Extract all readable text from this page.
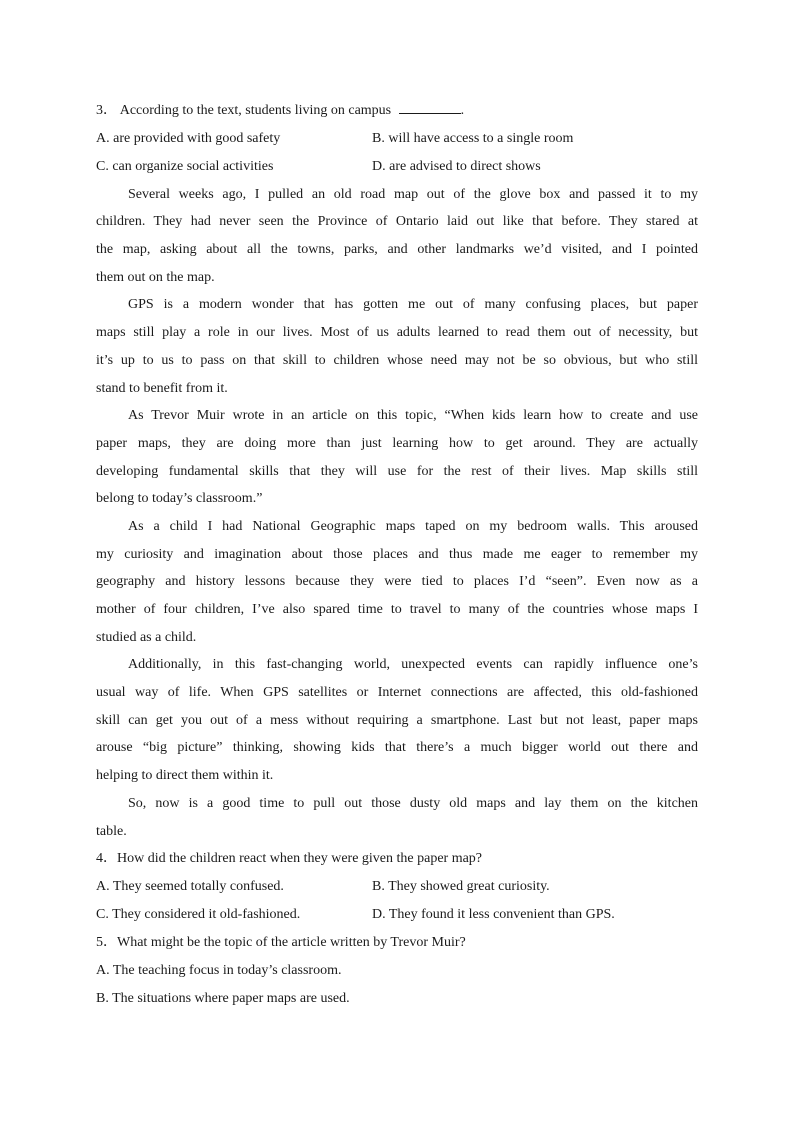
3． According to the text, students living on campus	.
A. are provided with good safety	B. will have access to a single room
C. can organize social activities	D. are advised to direct shows
Several weeks ago, I pulled an old road map out of the glove box and passed it to my
children. They had never seen the Province of Ontario laid out like that before. They stared at
the map, asking about all the towns, parks, and other landmarks we’d visited, and I pointed
them out on the map.
GPS is a modern wonder that has gotten me out of many confusing places, but paper
maps still play a role in our lives. Most of us adults learned to read them out of necessity, but
it’s up to us to pass on that skill to children whose need may not be so obvious, but who still
stand to benefit from it.
As Trevor Muir wrote in an article on this topic, “When kids learn how to create and use
paper maps, they are doing more than just learning how to get around. They are actually
developing fundamental skills that they will use for the rest of their lives. Map skills still
belong to today’s classroom.”
As a child I had National Geographic maps taped on my bedroom walls. This aroused
my curiosity and imagination about those places and thus made me eager to remember my
geography and history lessons because they were tied to places I’d “seen”. Even now as a
mother of four children, I’ve also spared time to travel to many of the countries whose maps I
studied as a child.
Additionally, in this fast-changing world, unexpected events can rapidly influence one’s
usual way of life. When GPS satellites or Internet connections are affected, this old-fashioned
skill can get you out of a mess without requiring a smartphone. Last but not least, paper maps
arouse “big picture” thinking, showing kids that there’s a much bigger world out there and
helping to direct them within it.
So, now is a good time to pull out those dusty old maps and lay them on the kitchen
table.
4．How did the children react when they were given the paper map?
A. They seemed totally confused.	B. They showed great curiosity.
C. They considered it old-fashioned.	D. They found it less convenient than GPS.
5．What might be the topic of the article written by Trevor Muir?
A. The teaching focus in today’s classroom.
B. The situations where paper maps are used.
